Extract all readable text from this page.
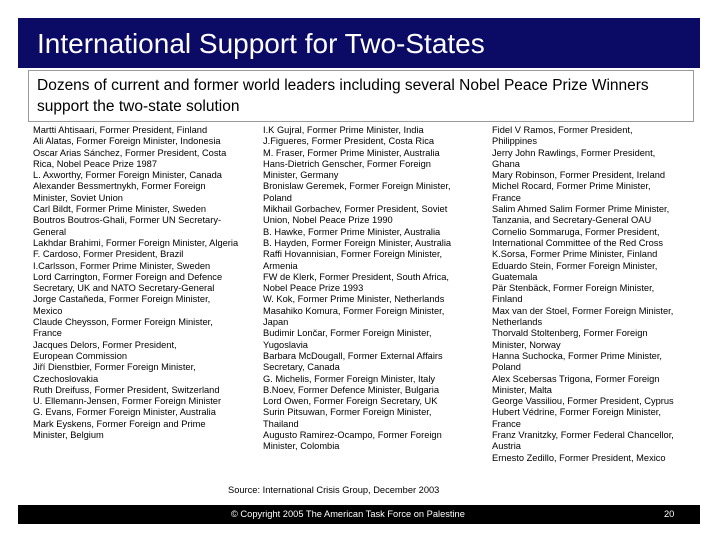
International Support for Two-States
Dozens of current and former world leaders including several Nobel Peace Prize Winners support the two-state solution
Martti Ahtisaari, Former President, Finland
Ali Alatas, Former Foreign Minister, Indonesia
Oscar Arias Sánchez, Former President, Costa
Rica, Nobel Peace Prize 1987
L. Axworthy, Former Foreign Minister, Canada
Alexander Bessmertnykh, Former Foreign
Minister, Soviet Union
Carl Bildt, Former Prime Minister, Sweden
Boutros Boutros-Ghali, Former UN Secretary-
General
Lakhdar Brahimi, Former Foreign Minister, Algeria
F. Cardoso, Former President, Brazil
I.Carlsson, Former Prime Minister, Sweden
Lord Carrington, Former Foreign and Defence
Secretary, UK and NATO Secretary-General
Jorge Castañeda, Former Foreign Minister,
Mexico
Claude Cheysson, Former Foreign Minister,
France
Jacques Delors, Former President,
European Commission
Jiří Dienstbier, Former Foreign Minister,
Czechoslovakia
Ruth Dreifuss, Former President, Switzerland
U. Ellemann-Jensen, Former Foreign Minister
G. Evans, Former Foreign Minister, Australia
Mark Eyskens, Former Foreign and Prime
Minister, Belgium
I.K Gujral, Former Prime Minister, India
J.Figueres, Former President, Costa Rica
M. Fraser, Former Prime Minister, Australia
Hans-Dietrich Genscher, Former Foreign
Minister, Germany
Bronislaw Geremek, Former Foreign Minister,
Poland
Mikhail Gorbachev, Former President, Soviet
Union, Nobel Peace Prize 1990
B. Hawke, Former Prime Minister, Australia
B. Hayden, Former Foreign Minister, Australia
Raffi Hovannisian, Former Foreign Minister,
Armenia
FW de Klerk, Former President, South Africa,
Nobel Peace Prize 1993
W. Kok, Former Prime Minister, Netherlands
Masahiko Komura, Former Foreign Minister,
Japan
Budimir Lončar, Former Foreign Minister,
Yugoslavia
Barbara McDougall, Former External Affairs
Secretary, Canada
G. Michelis, Former Foreign Minister, Italy
B.Noev, Former Defence Minister, Bulgaria
Lord Owen, Former Foreign Secretary, UK
Surin Pitsuwan, Former Foreign Minister,
Thailand
Augusto Ramirez-Ocampo, Former Foreign
Minister, Colombia
Fidel V Ramos, Former President,
Philippines
Jerry John Rawlings, Former President,
Ghana
Mary Robinson, Former President, Ireland
Michel Rocard, Former Prime Minister,
France
Salim Ahmed Salim Former Prime Minister,
Tanzania, and Secretary-General OAU
Cornelio Sommaruga, Former President,
International Committee of the Red Cross
K.Sorsa, Former Prime Minister, Finland
Eduardo Stein, Former Foreign Minister,
Guatemala
Pär Stenbäck, Former Foreign Minister,
Finland
Max van der Stoel, Former Foreign Minister,
Netherlands
Thorvald Stoltenberg, Former Foreign
Minister, Norway
Hanna Suchocka, Former Prime Minister,
Poland
Alex Scebersas Trigona, Former Foreign
Minister, Malta
George Vassiliou, Former President, Cyprus
Hubert Védrine, Former Foreign Minister,
France
Franz Vranitzky, Former Federal Chancellor,
Austria
Ernesto Zedillo, Former President, Mexico
Source: International Crisis Group, December 2003
© Copyright 2005 The American Task Force on Palestine	20
